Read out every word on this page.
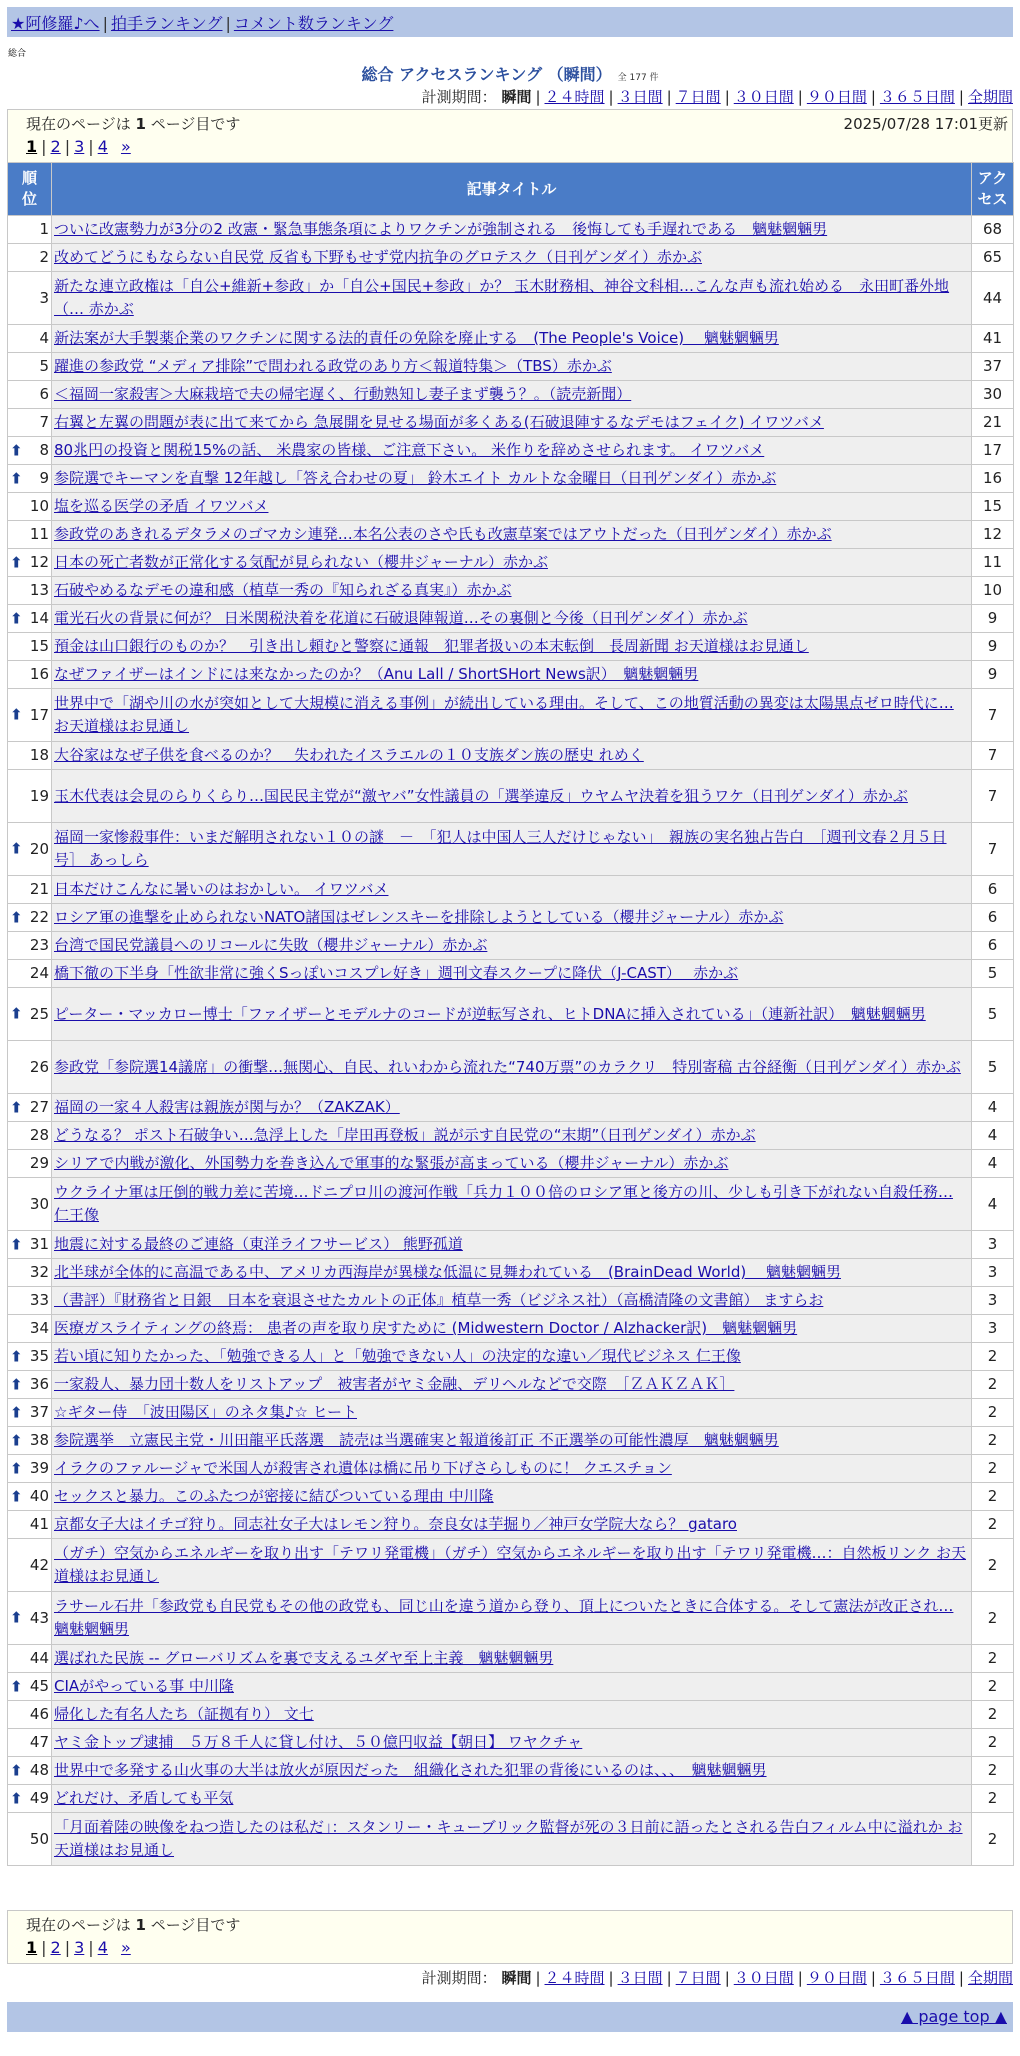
★阿修羅♪へ | 拍手ランキング | コメント数ランキング
総合
総合 アクセスランキング （瞬間） 全 177 件
計測期間： 瞬間 | ２４時間 | ３日間 | ７日間 | ３０日間 | ９０日間 | ３６５日間 | 全期間
現在のページは 1 ページ目です	2025/07/28 17:01更新
1 | 2 | 3 | 4 »
順位	記事タイトル	アクセス
1	ついに改憲勢力が3分の2 改憲・緊急事態条項によりワクチンが強制される　後悔しても手遅れである　魑魅魍魎男	68
2	改めてどうにもならない自民党 反省も下野もせず党内抗争のグロテスク（日刊ゲンダイ）赤かぶ	65
3	新たな連立政権は「自公+維新+参政」か「自公+国民+参政」か？ 玉木財務相、神谷文科相…こんな声も流れ始める　永田町番外地（… 赤かぶ	44
4	新法案が大手製薬企業のワクチンに関する法的責任の免除を廃止する　(The People's Voice)　 魑魅魍魎男	41
5	躍進の参政党 “メディア排除”で問われる政党のあり方＜報道特集＞（TBS）赤かぶ	37
6	＜福岡一家殺害＞大麻栽培で夫の帰宅遅く、行動熟知し妻子まず襲う？。（読売新聞）	30
7	右翼と左翼の問題が表に出て来てから 急展開を見せる場面が多くある(石破退陣するなデモはフェイク) イワツバメ	21

⬆ 8	80兆円の投資と関税15%の話、 米農家の皆様、ご注意下さい。 米作りを辞めさせられます。 イワツバメ	17

⬆ 9	参院選でキーマンを直撃 12年越し「答え合わせの夏」 鈴木エイト カルトな金曜日（日刊ゲンダイ）赤かぶ	16
10	塩を巡る医学の矛盾 イワツバメ	15
11	参政党のあきれるデタラメのゴマカシ連発…本名公表のさや氏も改憲草案ではアウトだった（日刊ゲンダイ）赤かぶ	12

⬆ 12	日本の死亡者数が正常化する気配が見られない（櫻井ジャーナル）赤かぶ	11
13	石破やめるなデモの違和感（植草一秀の『知られざる真実』）赤かぶ	10

⬆ 14	電光石火の背景に何が？ 日米関税決着を花道に石破退陣報道…その裏側と今後（日刊ゲンダイ）赤かぶ	9
15	預金は山口銀行のものか？　引き出し頼むと警察に通報　犯罪者扱いの本末転倒　長周新聞 お天道様はお見通し	9
16	なぜファイザーはインドには来なかったのか？（Anu Lall / ShortSHort News訳）　魑魅魍魎男	9

⬆ 17	世界中で「湖や川の水が突如として大規模に消える事例」が続出している理由。そして、この地質活動の異変は太陽黒点ゼロ時代に… お天道様はお見通し	7
18	大谷家はなぜ子供を食べるのか？　失われたイスラエルの１０支族ダン族の歴史 れめく	7
19	玉木代表は会見のらりくらり…国民民主党が“激ヤバ”女性議員の「選挙違反」ウヤムヤ決着を狙うワケ（日刊ゲンダイ）赤かぶ	7

⬆ 20	福岡一家惨殺事件：いまだ解明されない１０の謎　－　「犯人は中国人三人だけじゃない」　親族の実名独占告白　［週刊文春２月５日号］ あっしら	7
21	日本だけこんなに暑いのはおかしい。 イワツバメ	6

⬆ 22	ロシア軍の進撃を止められないNATO諸国はゼレンスキーを排除しようとしている（櫻井ジャーナル）赤かぶ	6
23	台湾で国民党議員へのリコールに失敗（櫻井ジャーナル）赤かぶ	6
24	橋下徹の下半身「性欲非常に強くSっぽいコスプレ好き」週刊文春スクープに降伏（J-CAST）　 赤かぶ	5

⬆ 25	ピーター・マッカロー博士「ファイザーとモデルナのコードが逆転写され、ヒトDNAに挿入されている」（連新社訳）　魑魅魍魎男	5
26	参政党「参院選14議席」の衝撃…無関心、自民、れいわから流れた“740万票”のカラクリ　特別寄稿 古谷経衡（日刊ゲンダイ）赤かぶ	5

⬆ 27	福岡の一家４人殺害は親族が関与か？（ZAKZAK）	4
28	どうなる？ ポスト石破争い…急浮上した「岸田再登板」説が示す自民党の“末期”（日刊ゲンダイ）赤かぶ	4
29	シリアで内戦が激化、外国勢力を巻き込んで軍事的な緊張が高まっている（櫻井ジャーナル）赤かぶ	4
30	ウクライナ軍は圧倒的戦力差に苦境…ドニプロ川の渡河作戦「兵力１００倍のロシア軍と後方の川、少しも引き下がれない自殺任務… 仁王像	4

⬆ 31	地震に対する最終のご連絡（東洋ライフサービス） 熊野孤道	3
32	北半球が全体的に高温である中、アメリカ西海岸が異様な低温に見舞われている　(BrainDead World)　 魑魅魍魎男	3
33	（書評）『財務省と日銀　日本を衰退させたカルトの正体』植草一秀（ビジネス社）（高橋清隆の文書館） ますらお	3
34	医療ガスライティングの終焉： 患者の声を取り戻すために (Midwestern Doctor / Alzhacker訳)　魑魅魍魎男	3

⬆ 35	若い頃に知りたかった、「勉強できる人」と「勉強できない人」の決定的な違い／現代ビジネス 仁王像	2

⬆ 36	一家殺人、暴力団十数人をリストアップ　被害者がヤミ金融、デリヘルなどで交際　［ＺＡＫＺＡＫ］	2

⬆ 37	☆ギター侍　「波田陽区」のネタ集♪☆ ヒート	2

⬆ 38	参院選挙　立憲民主党・川田龍平氏落選　読売は当選確実と報道後訂正 不正選挙の可能性濃厚　魑魅魍魎男	2

⬆ 39	イラクのファルージャで米国人が殺害され遺体は橋に吊り下げさらしものに！ クエスチョン	2

⬆ 40	セックスと暴力。このふたつが密接に結びついている理由 中川隆	2
41	京都女子大はイチゴ狩り。同志社女子大はレモン狩り。奈良女は芋掘り／神戸女学院大なら？ gataro	2
42	（ガチ）空気からエネルギーを取り出す「テワリ発電機」（ガチ）空気からエネルギーを取り出す「テワリ発電機…：自然板リンク お天道様はお見通し	2

⬆ 43	ラサール石井「参政党も自民党もその他の政党も、同じ山を違う道から登り、頂上についたときに合体する。そして憲法が改正され… 魑魅魍魎男	2
44	選ばれた民族 -- グローバリズムを裏で支えるユダヤ至上主義　魑魅魍魎男	2

⬆ 45	CIAがやっている事 中川隆	2
46	帰化した有名人たち（証拠有り） 文七	2
47	ヤミ金トップ逮捕　５万８千人に貸し付け、５０億円収益【朝日】 ワヤクチャ	2

⬆ 48	世界中で多発する山火事の大半は放火が原因だった　組織化された犯罪の背後にいるのは、、、　魑魅魍魎男	2

⬆ 49	どれだけ、矛盾しても平気	2
50	「月面着陸の映像をねつ造したのは私だ」：スタンリー・キューブリック監督が死の３日前に語ったとされる告白フィルム中に溢れか お天道様はお見通し	2
現在のページは 1 ページ目です
1 | 2 | 3 | 4 »
計測期間： 瞬間 | ２４時間 | ３日間 | ７日間 | ３０日間 | ９０日間 | ３６５日間 | 全期間
▲ page top ▲
